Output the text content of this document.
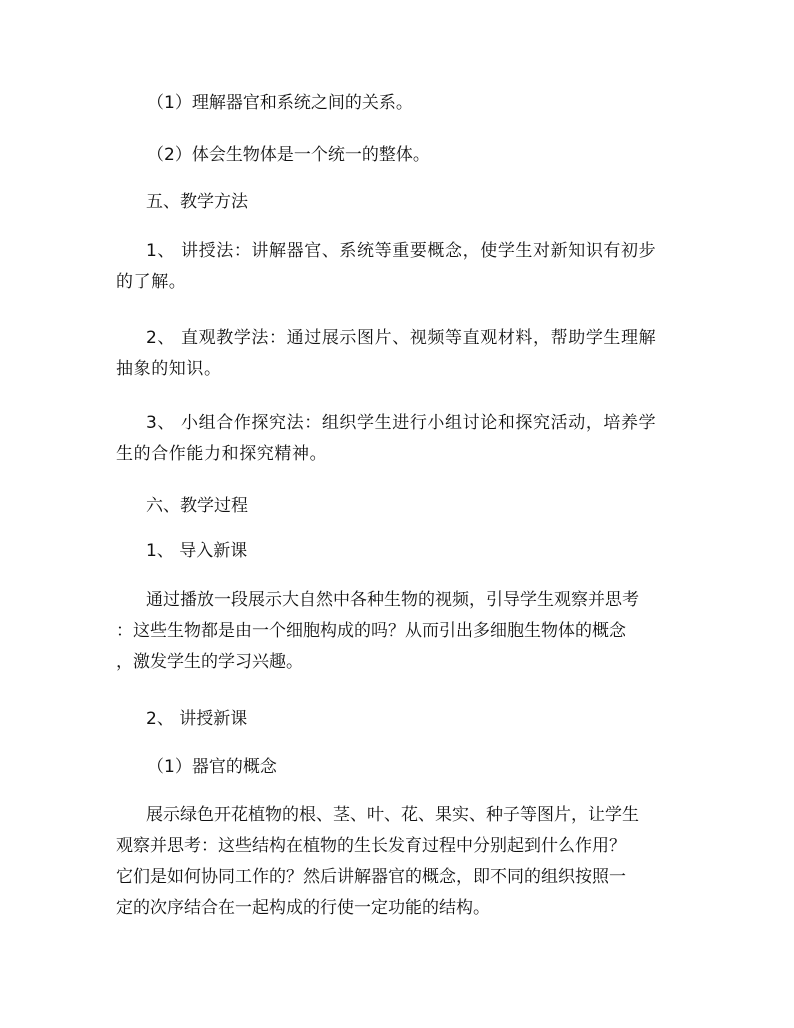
（1）理解器官和系统之间的关系。
（2）体会生物体是一个统一的整体。
五、教学方法
1、 讲授法：讲解器官、系统等重要概念，使学生对新知识有初步
的了解。
2、 直观教学法：通过展示图片、视频等直观材料，帮助学生理解
抽象的知识。
3、 小组合作探究法：组织学生进行小组讨论和探究活动，培养学
生的合作能力和探究精神。
六、教学过程
1、 导入新课
通过播放一段展示大自然中各种生物的视频，引导学生观察并思考
：这些生物都是由一个细胞构成的吗？从而引出多细胞生物体的概念
，激发学生的学习兴趣。
2、 讲授新课
（1）器官的概念
展示绿色开花植物的根、茎、叶、花、果实、种子等图片，让学生
观察并思考：这些结构在植物的生长发育过程中分别起到什么作用？
它们是如何协同工作的？然后讲解器官的概念，即不同的组织按照一
定的次序结合在一起构成的行使一定功能的结构。
